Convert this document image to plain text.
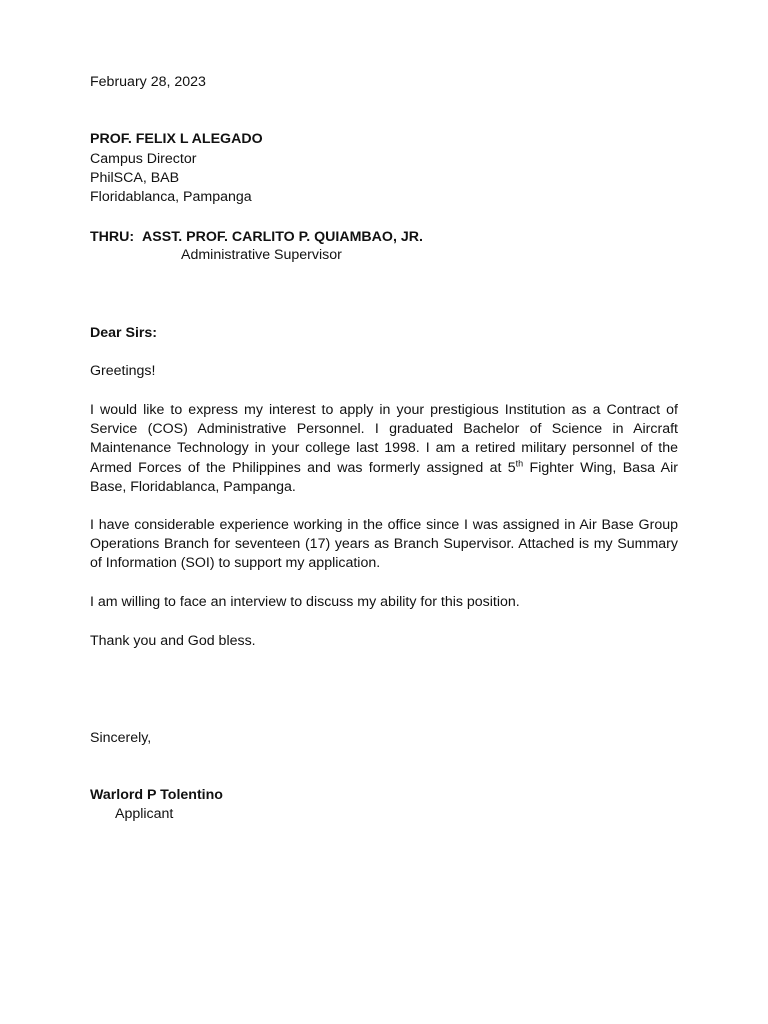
February 28, 2023
PROF. FELIX L ALEGADO
Campus Director
PhilSCA, BAB
Floridablanca, Pampanga
THRU: ASST. PROF. CARLITO P. QUIAMBAO, JR.
Administrative Supervisor
Dear Sirs:
Greetings!
I would like to express my interest to apply in your prestigious Institution as a Contract of Service (COS) Administrative Personnel. I graduated Bachelor of Science in Aircraft Maintenance Technology in your college last 1998. I am a retired military personnel of the Armed Forces of the Philippines and was formerly assigned at 5th Fighter Wing, Basa Air Base, Floridablanca, Pampanga.
I have considerable experience working in the office since I was assigned in Air Base Group Operations Branch for seventeen (17) years as Branch Supervisor. Attached is my Summary of Information (SOI) to support my application.
I am willing to face an interview to discuss my ability for this position.
Thank you and God bless.
Sincerely,
Warlord P Tolentino
Applicant
